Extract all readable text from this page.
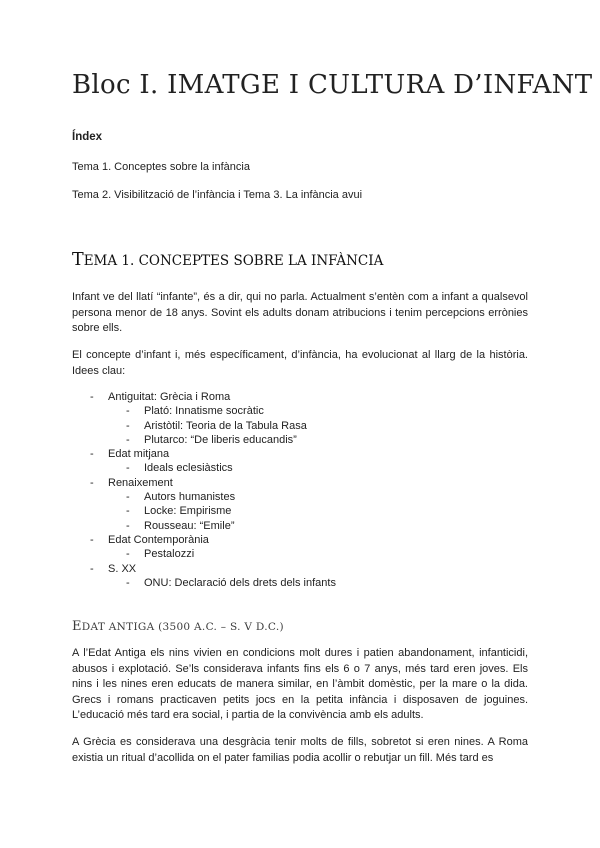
Bloc I. IMATGE I CULTURA D’INFANT

Índex

Tema 1. Conceptes sobre la infància

Tema 2. Visibilització de l’infància i Tema 3. La infància avui

TEMA 1. CONCEPTES SOBRE LA INFÀNCIA

Infant ve del llatí “infante”, és a dir, qui no parla. Actualment s’entèn com a infant a qualsevol persona menor de 18 anys. Sovint els adults donam atribucions i tenim percepcions errònies sobre ells.

El concepte d’infant i, més específicament, d’infància, ha evolucionat al llarg de la història. Idees clau:

- Antiguitat: Grècia i Roma
- Plató: Innatisme socràtic
- Aristòtil: Teoria de la Tabula Rasa
- Plutarco: “De liberis educandis”
- Edat mitjana
- Ideals eclesiàstics
- Renaixement
- Autors humanistes
- Locke: Empirisme
- Rousseau: “Emile”
- Edat Contemporània
- Pestalozzi
- S. XX
- ONU: Declaració dels drets dels infants
EDAT ANTIGA (3500 A.C. – S. V D.C.)

A l’Edat Antiga els nins vivien en condicions molt dures i patien abandonament, infanticidi, abusos i explotació. Se’ls considerava infants fins els 6 o 7 anys, més tard eren joves. Els nins i les nines eren educats de manera similar, en l’àmbit domèstic, per la mare o la dida. Grecs i romans practicaven petits jocs en la petita infància i disposaven de joguines. L’educació més tard era social, i partia de la convivència amb els adults.

A Grècia es considerava una desgràcia tenir molts de fills, sobretot si eren nines. A Roma existia un ritual d’acollida on el pater familias podia acollir o rebutjar un fill. Més tard es
